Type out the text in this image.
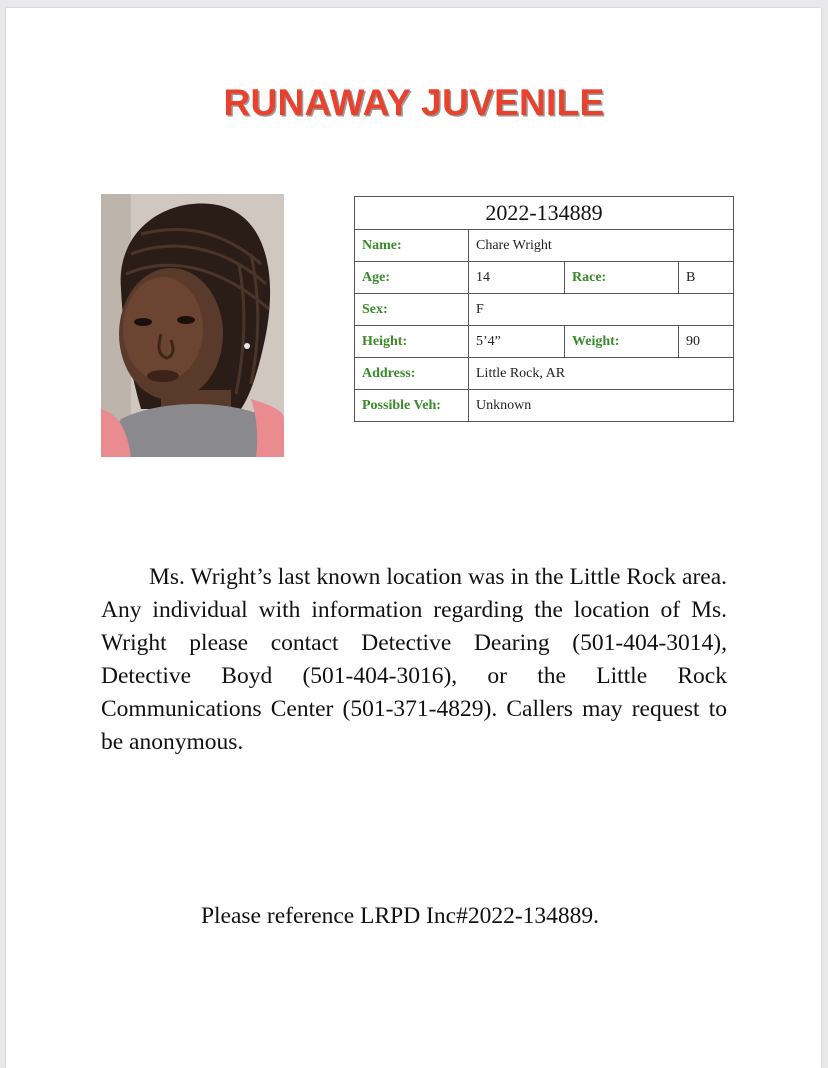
RUNAWAY JUVENILE
2022-134889			
Name:	Chare Wright		
Age:	14	Race:	B
Sex:	F		
Height:	5’4”	Weight:	90
Address:	Little Rock, AR		
Possible Veh:	Unknown		

Ms. Wright’s last known location was in the Little Rock area. Any individual with information regarding the location of Ms. Wright please contact Detective Dearing (501-404-3014), Detective Boyd (501-404-3016), or the Little Rock Communications Center (501-371-4829). Callers may request to be anonymous.

Please reference LRPD Inc#2022-134889.
